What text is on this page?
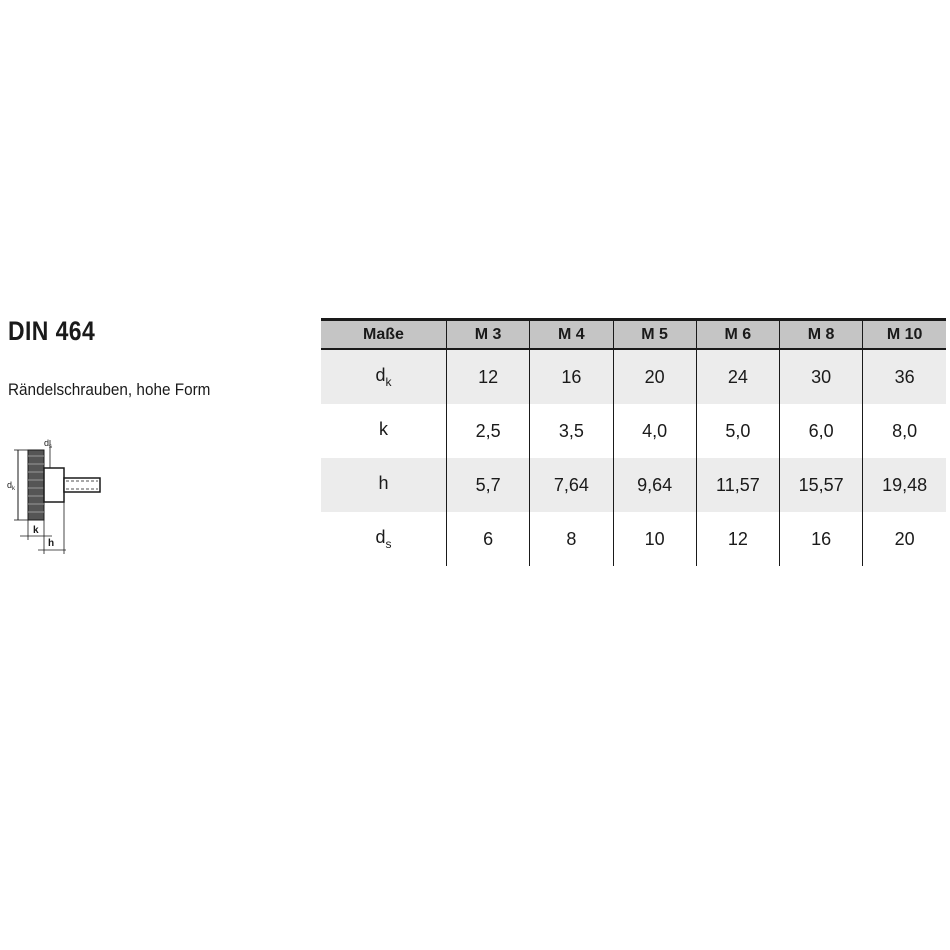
DIN 464
Rändelschrauben, hohe Form
$d_k$
$d_s$
k
h
Maße	M 3	M 4	M 5	M 6	M 8	M 10
$d_k$	12	16	20	24	30	36
k	2,5	3,5	4,0	5,0	6,0	8,0
h	5,7	7,64	9,64	11,57	15,57	19,48
$d_s$	6	8	10	12	16	20
